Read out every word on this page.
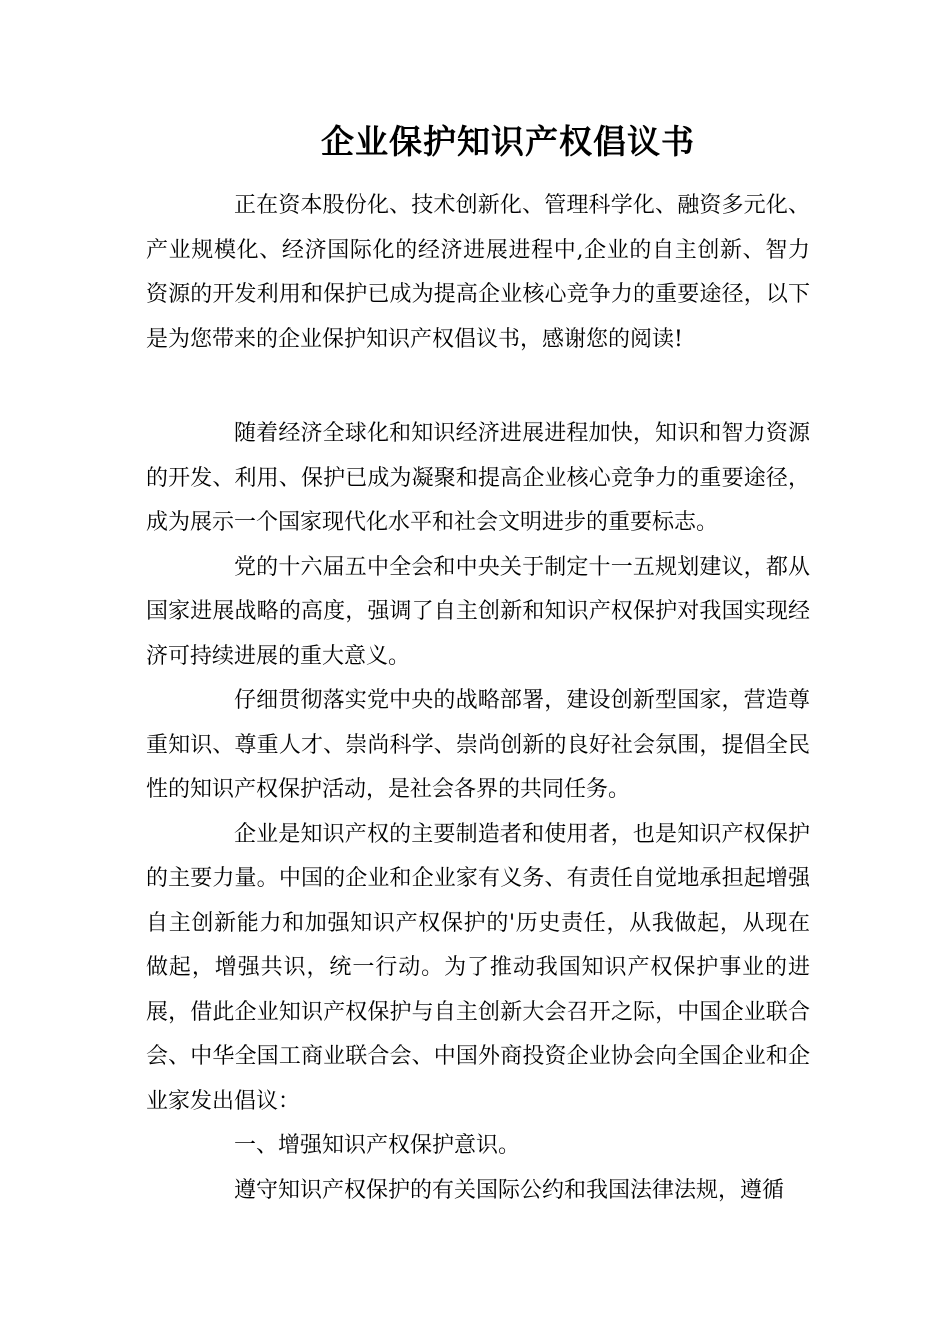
企业保护知识产权倡议书

正在资本股份化、技术创新化、管理科学化、融资多元化、产业规模化、经济国际化的经济进展进程中,企业的自主创新、智力资源的开发利用和保护已成为提高企业核心竞争力的重要途径，以下是为您带来的企业保护知识产权倡议书，感谢您的阅读!

随着经济全球化和知识经济进展进程加快，知识和智力资源的开发、利用、保护已成为凝聚和提高企业核心竞争力的重要途径，成为展示一个国家现代化水平和社会文明进步的重要标志。

党的十六届五中全会和中央关于制定十一五规划建议，都从国家进展战略的高度，强调了自主创新和知识产权保护对我国实现经济可持续进展的重大意义。

仔细贯彻落实党中央的战略部署，建设创新型国家，营造尊重知识、尊重人才、崇尚科学、崇尚创新的良好社会氛围，提倡全民性的知识产权保护活动，是社会各界的共同任务。

企业是知识产权的主要制造者和使用者，也是知识产权保护的主要力量。中国的企业和企业家有义务、有责任自觉地承担起增强自主创新能力和加强知识产权保护的'历史责任，从我做起，从现在做起，增强共识，统一行动。为了推动我国知识产权保护事业的进展，借此企业知识产权保护与自主创新大会召开之际，中国企业联合会、中华全国工商业联合会、中国外商投资企业协会向全国企业和企业家发出倡议：

一、增强知识产权保护意识。

遵守知识产权保护的有关国际公约和我国法律法规，遵循
